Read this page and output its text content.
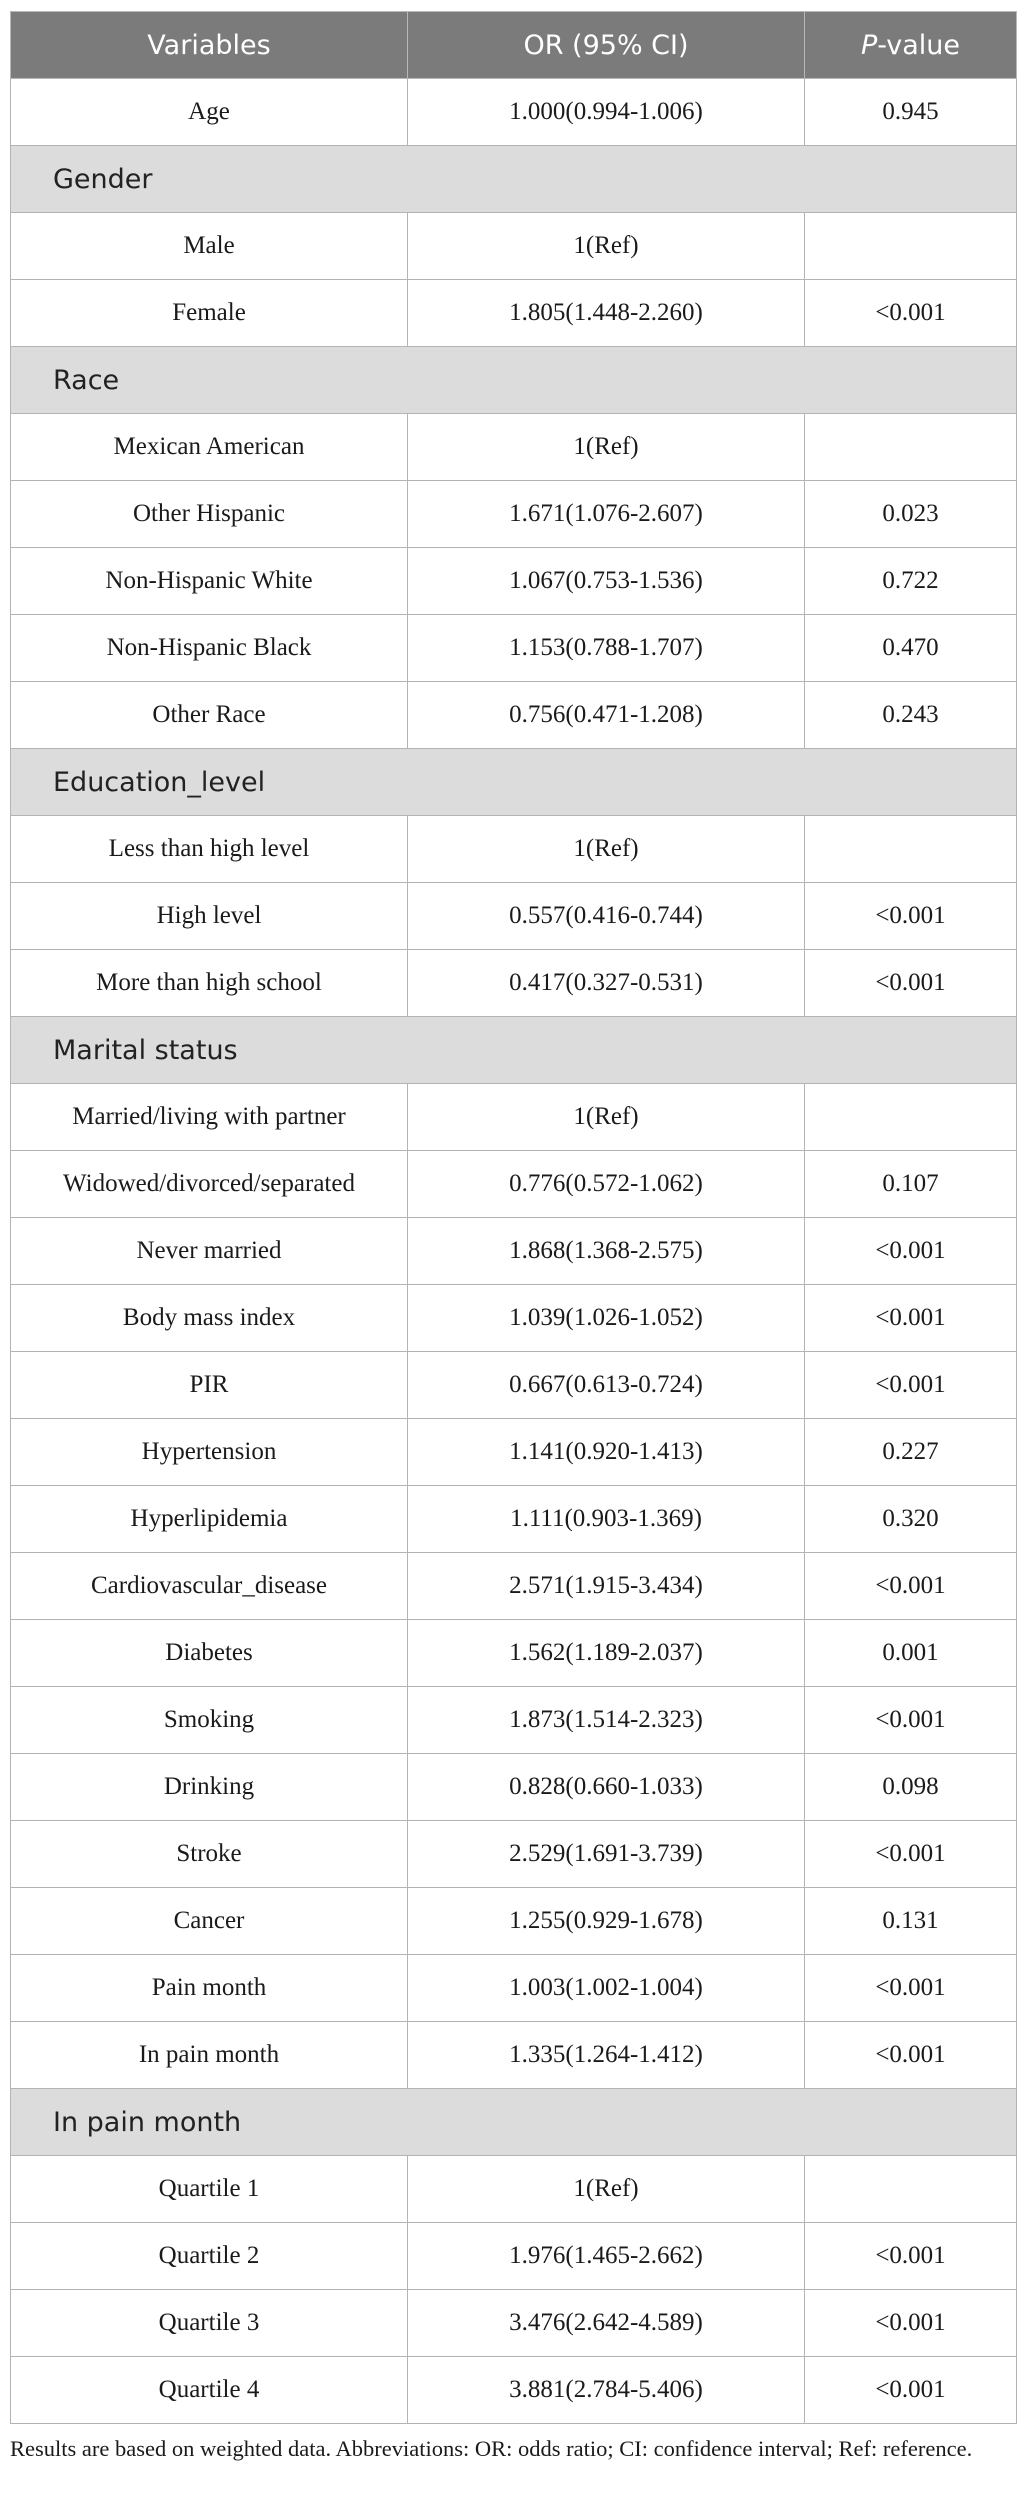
Variables	OR (95% CI)	P-value
Age	1.000(0.994-1.006)	0.945
Gender		
Male	1(Ref)	
Female	1.805(1.448-2.260)	<0.001
Race		
Mexican American	1(Ref)	
Other Hispanic	1.671(1.076-2.607)	0.023
Non-Hispanic White	1.067(0.753-1.536)	0.722
Non-Hispanic Black	1.153(0.788-1.707)	0.470
Other Race	0.756(0.471-1.208)	0.243
Education_level		
Less than high level	1(Ref)	
High level	0.557(0.416-0.744)	<0.001
More than high school	0.417(0.327-0.531)	<0.001
Marital status		
Married/living with partner	1(Ref)	
Widowed/divorced/separated	0.776(0.572-1.062)	0.107
Never married	1.868(1.368-2.575)	<0.001
Body mass index	1.039(1.026-1.052)	<0.001
PIR	0.667(0.613-0.724)	<0.001
Hypertension	1.141(0.920-1.413)	0.227
Hyperlipidemia	1.111(0.903-1.369)	0.320
Cardiovascular_disease	2.571(1.915-3.434)	<0.001
Diabetes	1.562(1.189-2.037)	0.001
Smoking	1.873(1.514-2.323)	<0.001
Drinking	0.828(0.660-1.033)	0.098
Stroke	2.529(1.691-3.739)	<0.001
Cancer	1.255(0.929-1.678)	0.131
Pain month	1.003(1.002-1.004)	<0.001
In pain month	1.335(1.264-1.412)	<0.001
In pain month		
Quartile 1	1(Ref)	
Quartile 2	1.976(1.465-2.662)	<0.001
Quartile 3	3.476(2.642-4.589)	<0.001
Quartile 4	3.881(2.784-5.406)	<0.001
Results are based on weighted data. Abbreviations: OR: odds ratio; CI: confidence interval; Ref: reference.
